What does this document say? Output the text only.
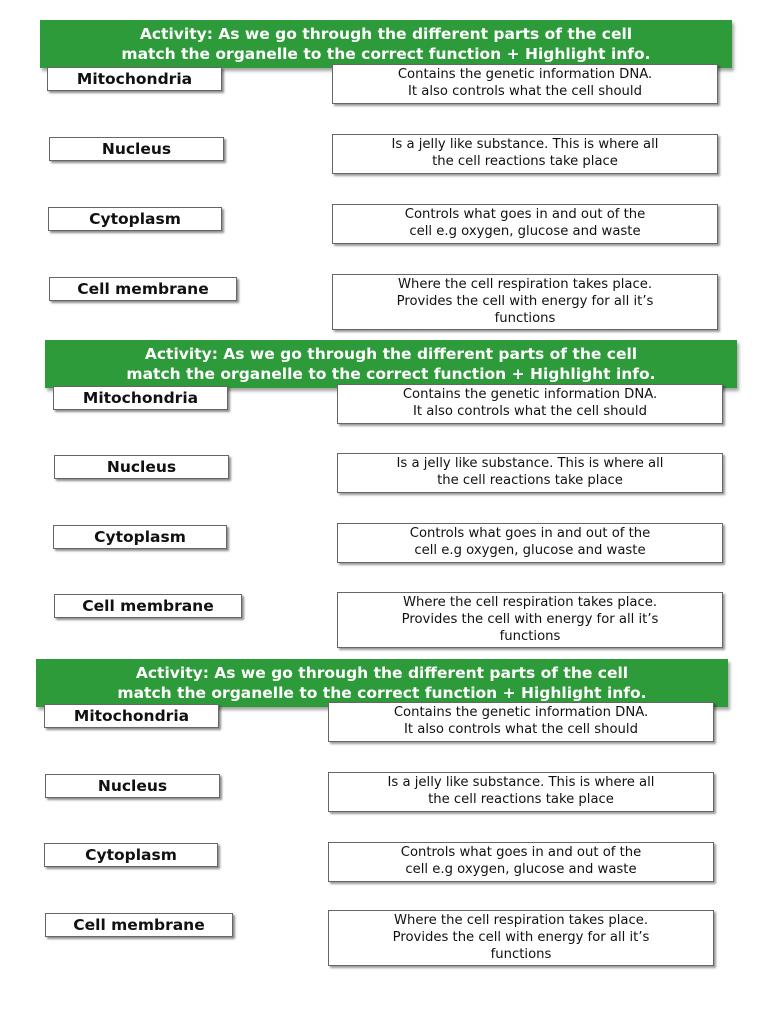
Activity: As we go through the different parts of the cell
match the organelle to the correct function + Highlight info.
Mitochondria
Nucleus
Cytoplasm
Cell membrane
Contains the genetic information DNA.
It also controls what the cell should
Is a jelly like substance. This is where all
the cell reactions take place
Controls what goes in and out of the
cell e.g oxygen, glucose and waste
Where the cell respiration takes place.
Provides the cell with energy for all it’s
functions
Activity: As we go through the different parts of the cell
match the organelle to the correct function + Highlight info.
Mitochondria
Nucleus
Cytoplasm
Cell membrane
Contains the genetic information DNA.
It also controls what the cell should
Is a jelly like substance. This is where all
the cell reactions take place
Controls what goes in and out of the
cell e.g oxygen, glucose and waste
Where the cell respiration takes place.
Provides the cell with energy for all it’s
functions
Activity: As we go through the different parts of the cell
match the organelle to the correct function + Highlight info.
Mitochondria
Nucleus
Cytoplasm
Cell membrane
Contains the genetic information DNA.
It also controls what the cell should
Is a jelly like substance. This is where all
the cell reactions take place
Controls what goes in and out of the
cell e.g oxygen, glucose and waste
Where the cell respiration takes place.
Provides the cell with energy for all it’s
functions
